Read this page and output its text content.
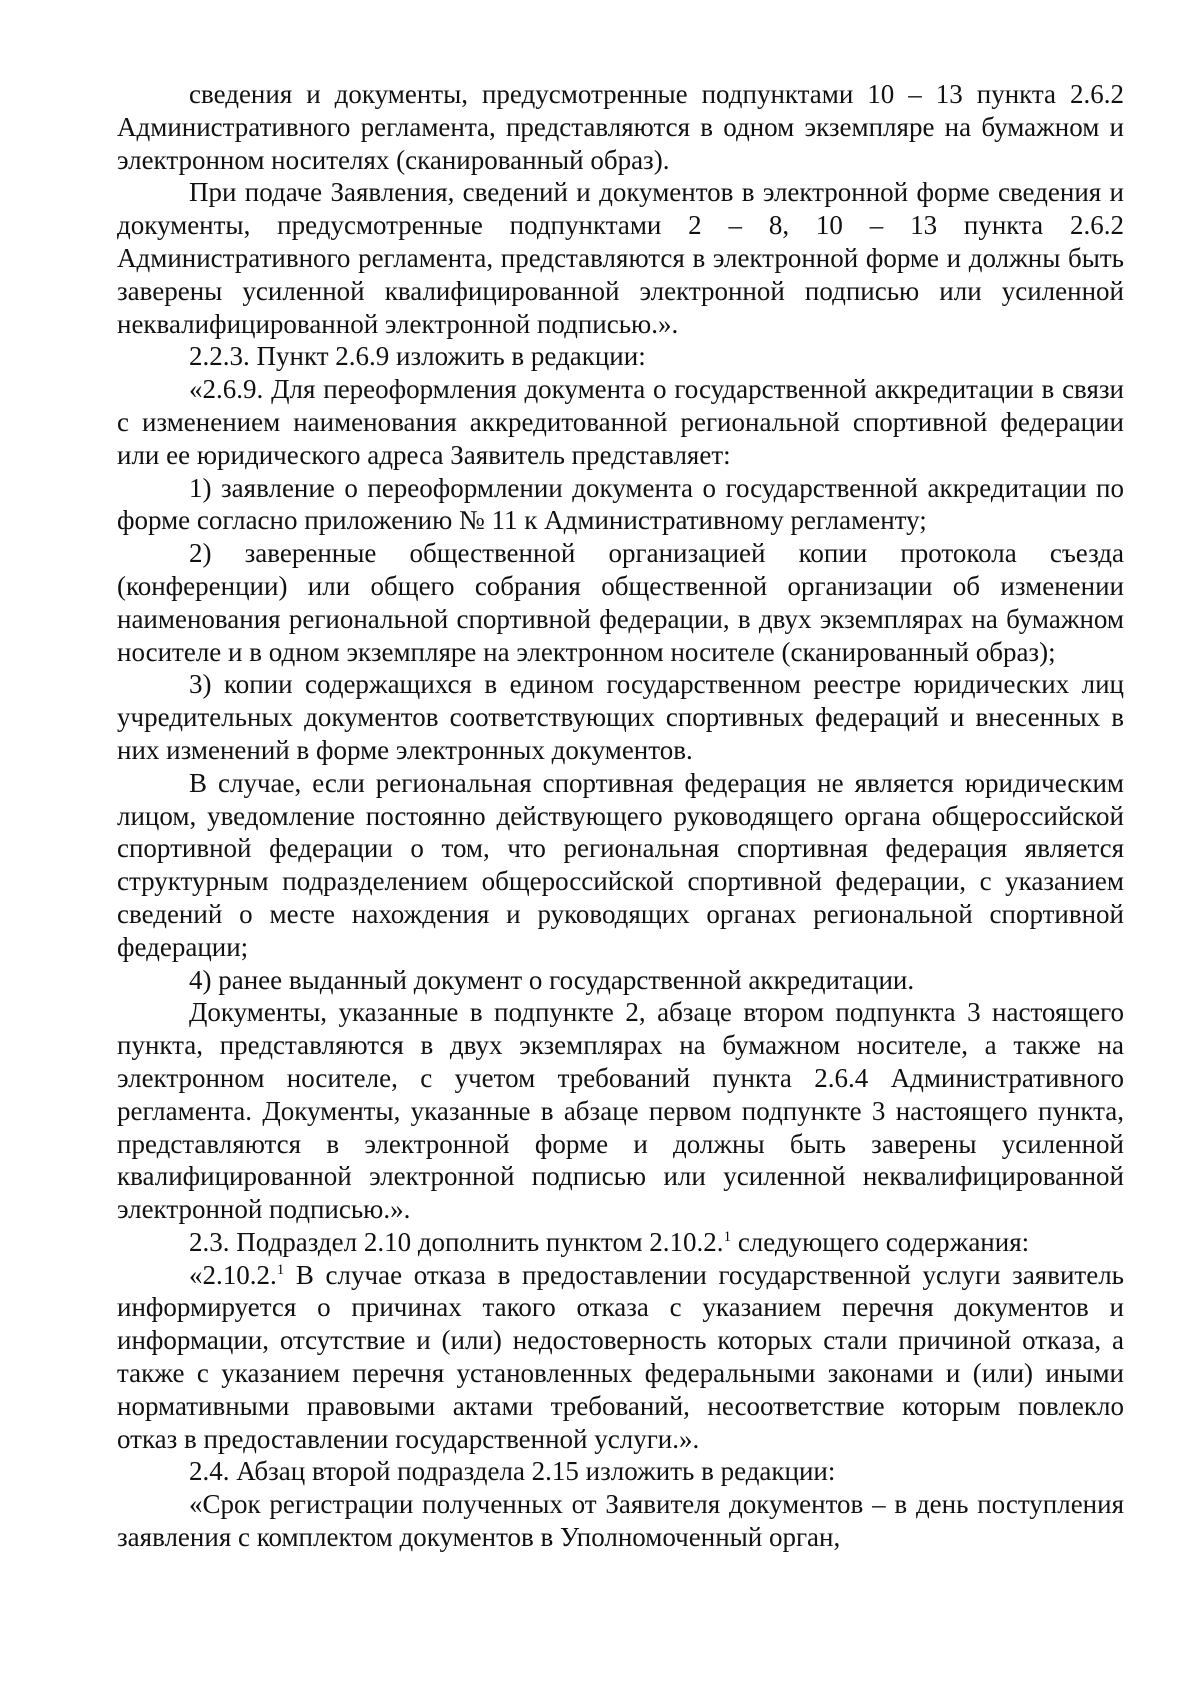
сведения и документы, предусмотренные подпунктами 10 – 13 пункта 2.6.2 Административного регламента, представляются в одном экземпляре на бумажном и электронном носителях (сканированный образ).

При подаче Заявления, сведений и документов в электронной форме сведения и документы, предусмотренные подпунктами 2 – 8, 10 – 13 пункта 2.6.2 Административного регламента, представляются в электронной форме и должны быть заверены усиленной квалифицированной электронной подписью или усиленной неквалифицированной электронной подписью.».

2.2.3. Пункт 2.6.9 изложить в редакции:

«2.6.9. Для переоформления документа о государственной аккредитации в связи с изменением наименования аккредитованной региональной спортивной федерации или ее юридического адреса Заявитель представляет:

1) заявление о переоформлении документа о государственной аккредитации по форме согласно приложению № 11 к Административному регламенту;

2) заверенные общественной организацией копии протокола съезда (конференции) или общего собрания общественной организации об изменении наименования региональной спортивной федерации, в двух экземплярах на бумажном носителе и в одном экземпляре на электронном носителе (сканированный образ);

3) копии содержащихся в едином государственном реестре юридических лиц учредительных документов соответствующих спортивных федераций и внесенных в них изменений в форме электронных документов.

В случае, если региональная спортивная федерация не является юридическим лицом, уведомление постоянно действующего руководящего органа общероссийской спортивной федерации о том, что региональная спортивная федерация является структурным подразделением общероссийской спортивной федерации, с указанием сведений о месте нахождения и руководящих органах региональной спортивной федерации;

4) ранее выданный документ о государственной аккредитации.

Документы, указанные в подпункте 2, абзаце втором подпункта 3 настоящего пункта, представляются в двух экземплярах на бумажном носителе, а также на электронном носителе, с учетом требований пункта 2.6.4 Административного регламента. Документы, указанные в абзаце первом подпункте 3 настоящего пункта, представляются в электронной форме и должны быть заверены усиленной квалифицированной электронной подписью или усиленной неквалифицированной электронной подписью.».

2.3. Подраздел 2.10 дополнить пунктом 2.10.2.$^1$ следующего содержания:

«2.10.2.$^1$ В случае отказа в предоставлении государственной услуги заявитель информируется о причинах такого отказа с указанием перечня документов и информации, отсутствие и (или) недостоверность которых стали причиной отказа, а также с указанием перечня установленных федеральными законами и (или) иными нормативными правовыми актами требований, несоответствие которым повлекло отказ в предоставлении государственной услуги.».

2.4. Абзац второй подраздела 2.15 изложить в редакции:

«Срок регистрации полученных от Заявителя документов – в день поступления заявления с комплектом документов в Уполномоченный орган,
